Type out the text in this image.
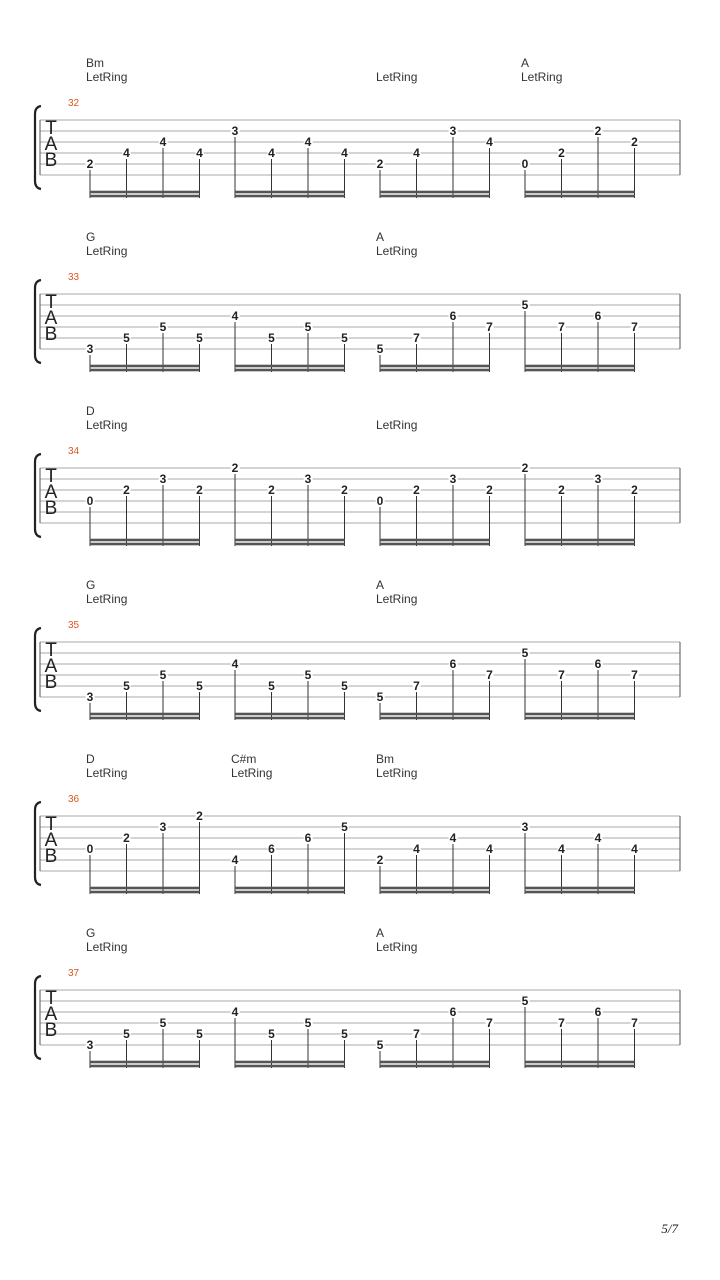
Bm
LetRing	LetRing
A
LetRing
32
T
A
B 2
4
4
4
3
4
4
4
2
4
3
4
0
2
2
2
G
LetRing
A
LetRing
33
T
A
B
3
5
5
5
4
5
5
5
5
7
6
7
5
7
6
7
D
LetRing	LetRing
34
T
A
B 0
2
3
2
2
2
3
2
0
2
3
2
2
2
3
2
G
LetRing
A
LetRing
35
T
A
B
3
5
5
5
4
5
5
5
5
7
6
7
5
7
6
7
D
LetRing
C#m
LetRing
Bm
LetRing
36
T
A
B 0
2
3
2
4
6
6
5
2
4
4
4
3
4
4
4
G
LetRing
A
LetRing
37
T
A
B
3
5
5
5
4
5
5
5
5
7
6
7
5
7
6
7
5/7
